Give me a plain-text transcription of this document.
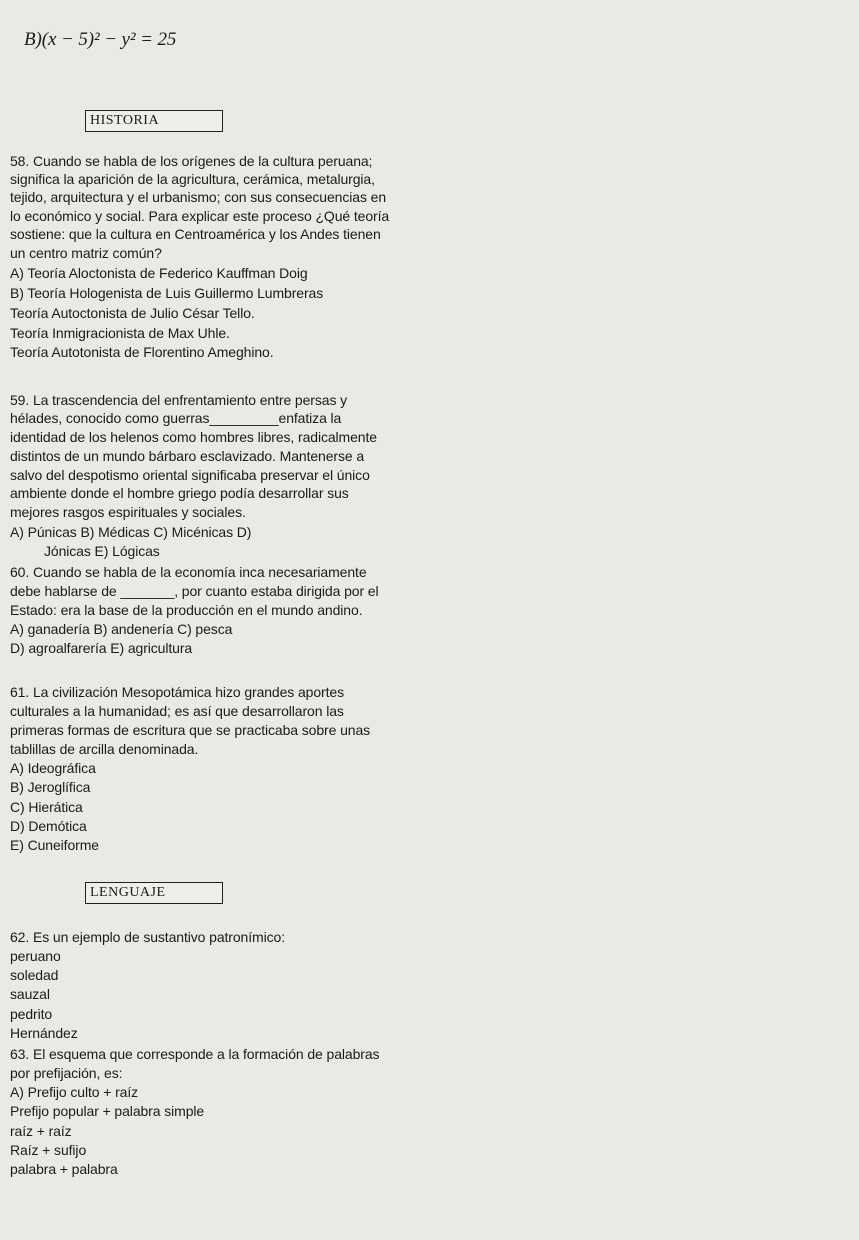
B)(x − 5)² − y² = 25
HISTORIA
58. Cuando se habla de los orígenes de la cultura peruana;
significa la aparición de la agricultura, cerámica, metalurgia,
tejido, arquitectura y el urbanismo; con sus consecuencias en
lo económico y social. Para explicar este proceso ¿Qué teoría
sostiene: que la cultura en Centroamérica y los Andes tienen
un centro matriz común?
A) Teoría Aloctonista de Federico Kauffman Doig
B) Teoría Hologenista de Luis Guillermo Lumbreras
Teoría Autoctonista de Julio César Tello.
Teoría Inmigracionista de Max Uhle.
Teoría Autotonista de Florentino Ameghino.
59. La trascendencia del enfrentamiento entre persas y
hélades, conocido como guerras_________enfatiza la
identidad de los helenos como hombres libres, radicalmente
distintos de un mundo bárbaro esclavizado. Mantenerse a
salvo del despotismo oriental significaba preservar el único
ambiente donde el hombre griego podía desarrollar sus
mejores rasgos espirituales y sociales.
A) Púnicas B) Médicas C) Micénicas D)
Jónicas E) Lógicas
60. Cuando se habla de la economía inca necesariamente
debe hablarse de _______, por cuanto estaba dirigida por el
Estado: era la base de la producción en el mundo andino.
A) ganadería B) andenería C) pesca
D) agroalfarería E) agricultura
61. La civilización Mesopotámica hizo grandes aportes
culturales a la humanidad; es así que desarrollaron las
primeras formas de escritura que se practicaba sobre unas
tablillas de arcilla denominada.
A) Ideográfica
B) Jeroglífica
C) Hierática
D) Demótica
E) Cuneiforme
LENGUAJE
62. Es un ejemplo de sustantivo patronímico:
peruano
soledad
sauzal
pedrito
Hernández
63. El esquema que corresponde a la formación de palabras
por prefijación, es:
A) Prefijo culto + raíz
Prefijo popular + palabra simple
raíz + raíz
Raíz + sufijo
palabra + palabra
